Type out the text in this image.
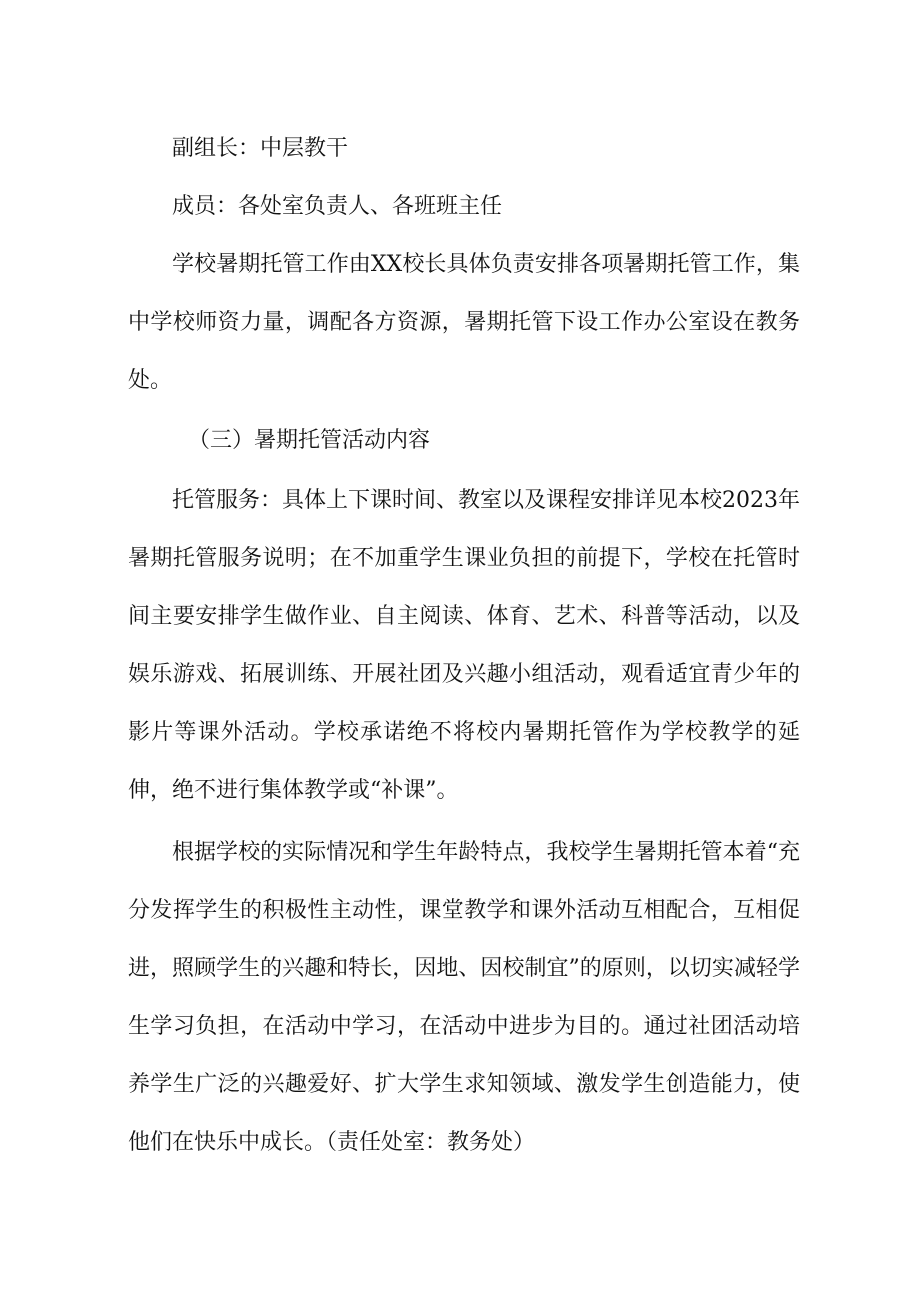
副组长：中层教干

成员：各处室负责人、各班班主任

学校暑期托管工作由XX校长具体负责安排各项暑期托管工作，集中学校师资力量，调配各方资源，暑期托管下设工作办公室设在教务处。

（三）暑期托管活动内容

托管服务：具体上下课时间、教室以及课程安排详见本校2023年暑期托管服务说明；在不加重学生课业负担的前提下，学校在托管时间主要安排学生做作业、自主阅读、体育、艺术、科普等活动，以及娱乐游戏、拓展训练、开展社团及兴趣小组活动，观看适宜青少年的影片等课外活动。学校承诺绝不将校内暑期托管作为学校教学的延伸，绝不进行集体教学或“补课”。

根据学校的实际情况和学生年龄特点，我校学生暑期托管本着“充分发挥学生的积极性主动性，课堂教学和课外活动互相配合，互相促进，照顾学生的兴趣和特长，因地、因校制宜”的原则，以切实减轻学生学习负担，在活动中学习，在活动中进步为目的。通过社团活动培养学生广泛的兴趣爱好、扩大学生求知领域、激发学生创造能力，使他们在快乐中成长。（责任处室：教务处）
